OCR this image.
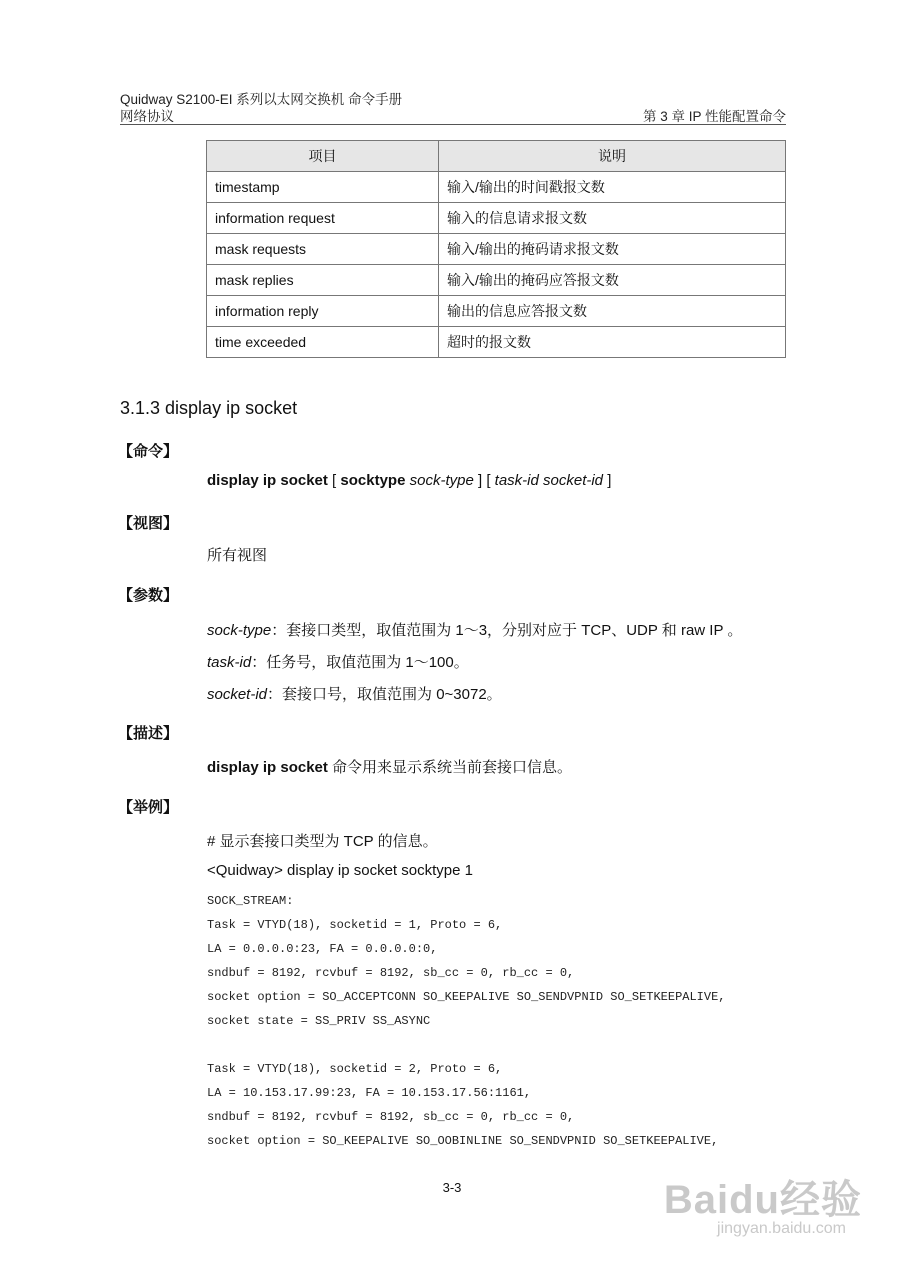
Quidway S2100-EI 系列以太网交换机 命令手册
网络协议	第 3 章 IP 性能配置命令
项目	说明
timestamp	输入/输出的时间戳报文数
information request	输入的信息请求报文数
mask requests	输入/输出的掩码请求报文数
mask replies	输入/输出的掩码应答报文数
information reply	输出的信息应答报文数
time exceeded	超时的报文数
3.1.3 display ip socket
【命令】
display ip socket [ socktype sock-type ] [ task-id socket-id ]
【视图】
所有视图
【参数】
sock-type：套接口类型，取值范围为 1～3，分别对应于 TCP、UDP 和 raw IP 。
task-id：任务号，取值范围为 1～100。
socket-id：套接口号，取值范围为 0~3072。
【描述】
display ip socket 命令用来显示系统当前套接口信息。
【举例】
# 显示套接口类型为 TCP 的信息。
<Quidway> display ip socket socktype 1
SOCK_STREAM:
Task = VTYD(18), socketid = 1, Proto = 6,
LA = 0.0.0.0:23, FA = 0.0.0.0:0,
sndbuf = 8192, rcvbuf = 8192, sb_cc = 0, rb_cc = 0,
socket option = SO_ACCEPTCONN SO_KEEPALIVE SO_SENDVPNID SO_SETKEEPALIVE,
socket state = SS_PRIV SS_ASYNC
Task = VTYD(18), socketid = 2, Proto = 6,
LA = 10.153.17.99:23, FA = 10.153.17.56:1161,
sndbuf = 8192, rcvbuf = 8192, sb_cc = 0, rb_cc = 0,
socket option = SO_KEEPALIVE SO_OOBINLINE SO_SENDVPNID SO_SETKEEPALIVE,
3-3	Baidu经验
jingyan.baidu.com
